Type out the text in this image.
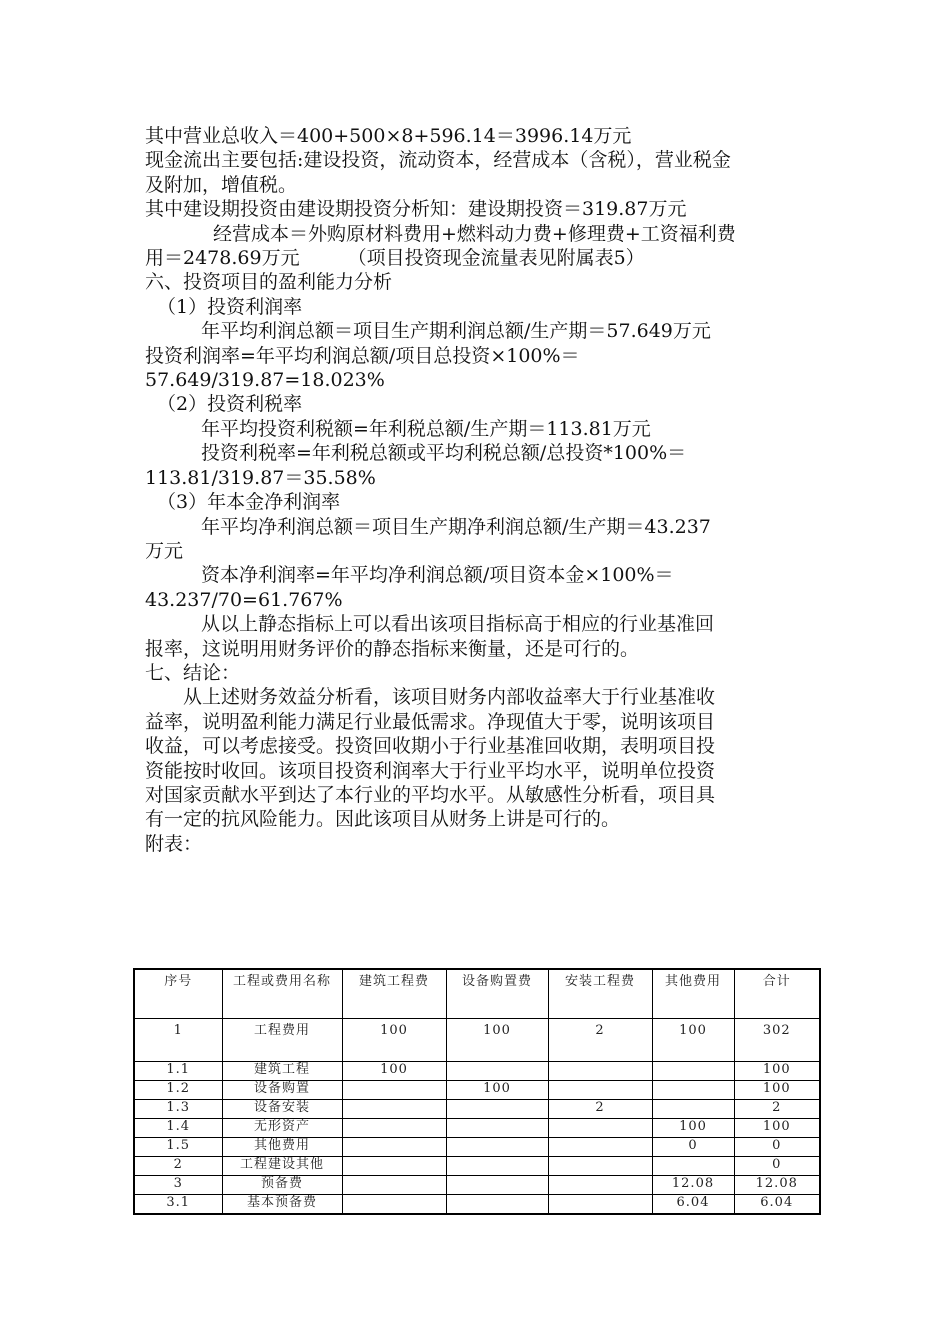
其中营业总收入＝400+500×8+596.14＝3996.14万元
现金流出主要包括:建设投资，流动资本，经营成本（含税），营业税金
及附加，增值税。
其中建设期投资由建设期投资分析知：建设期投资＝319.87万元
经营成本＝外购原材料费用+燃料动力费+修理费+工资福利费
用＝2478.69万元	（项目投资现金流量表见附属表5）
六、投资项目的盈利能力分析
（1）投资利润率
年平均利润总额＝项目生产期利润总额/生产期＝57.649万元
投资利润率=年平均利润总额/项目总投资×100%＝
57.649/319.87=18.023%
（2）投资利税率
年平均投资利税额=年利税总额/生产期＝113.81万元
投资利税率=年利税总额或平均利税总额/总投资*100%＝
113.81/319.87＝35.58%
（3）年本金净利润率
年平均净利润总额＝项目生产期净利润总额/生产期＝43.237
万元
资本净利润率=年平均净利润总额/项目资本金×100%＝
43.237/70=61.767%
从以上静态指标上可以看出该项目指标高于相应的行业基准回
报率，这说明用财务评价的静态指标来衡量，还是可行的。
七、结论：
从上述财务效益分析看，该项目财务内部收益率大于行业基准收
益率，说明盈利能力满足行业最低需求。净现值大于零，说明该项目
收益，可以考虑接受。投资回收期小于行业基准回收期，表明项目投
资能按时收回。该项目投资利润率大于行业平均水平，说明单位投资
对国家贡献水平到达了本行业的平均水平。从敏感性分析看，项目具
有一定的抗风险能力。因此该项目从财务上讲是可行的。
附表：
序号	工程或费用名称	建筑工程费	设备购置费	安装工程费	其他费用	合计
1	工程费用	100	100	2	100	302
1.1	建筑工程	100				100
1.2	设备购置		100			100
1.3	设备安装			2		2
1.4	无形资产				100	100
1.5	其他费用				0	0
2	工程建设其他					0
3	预备费				12.08	12.08
3.1	基本预备费				6.04	6.04
